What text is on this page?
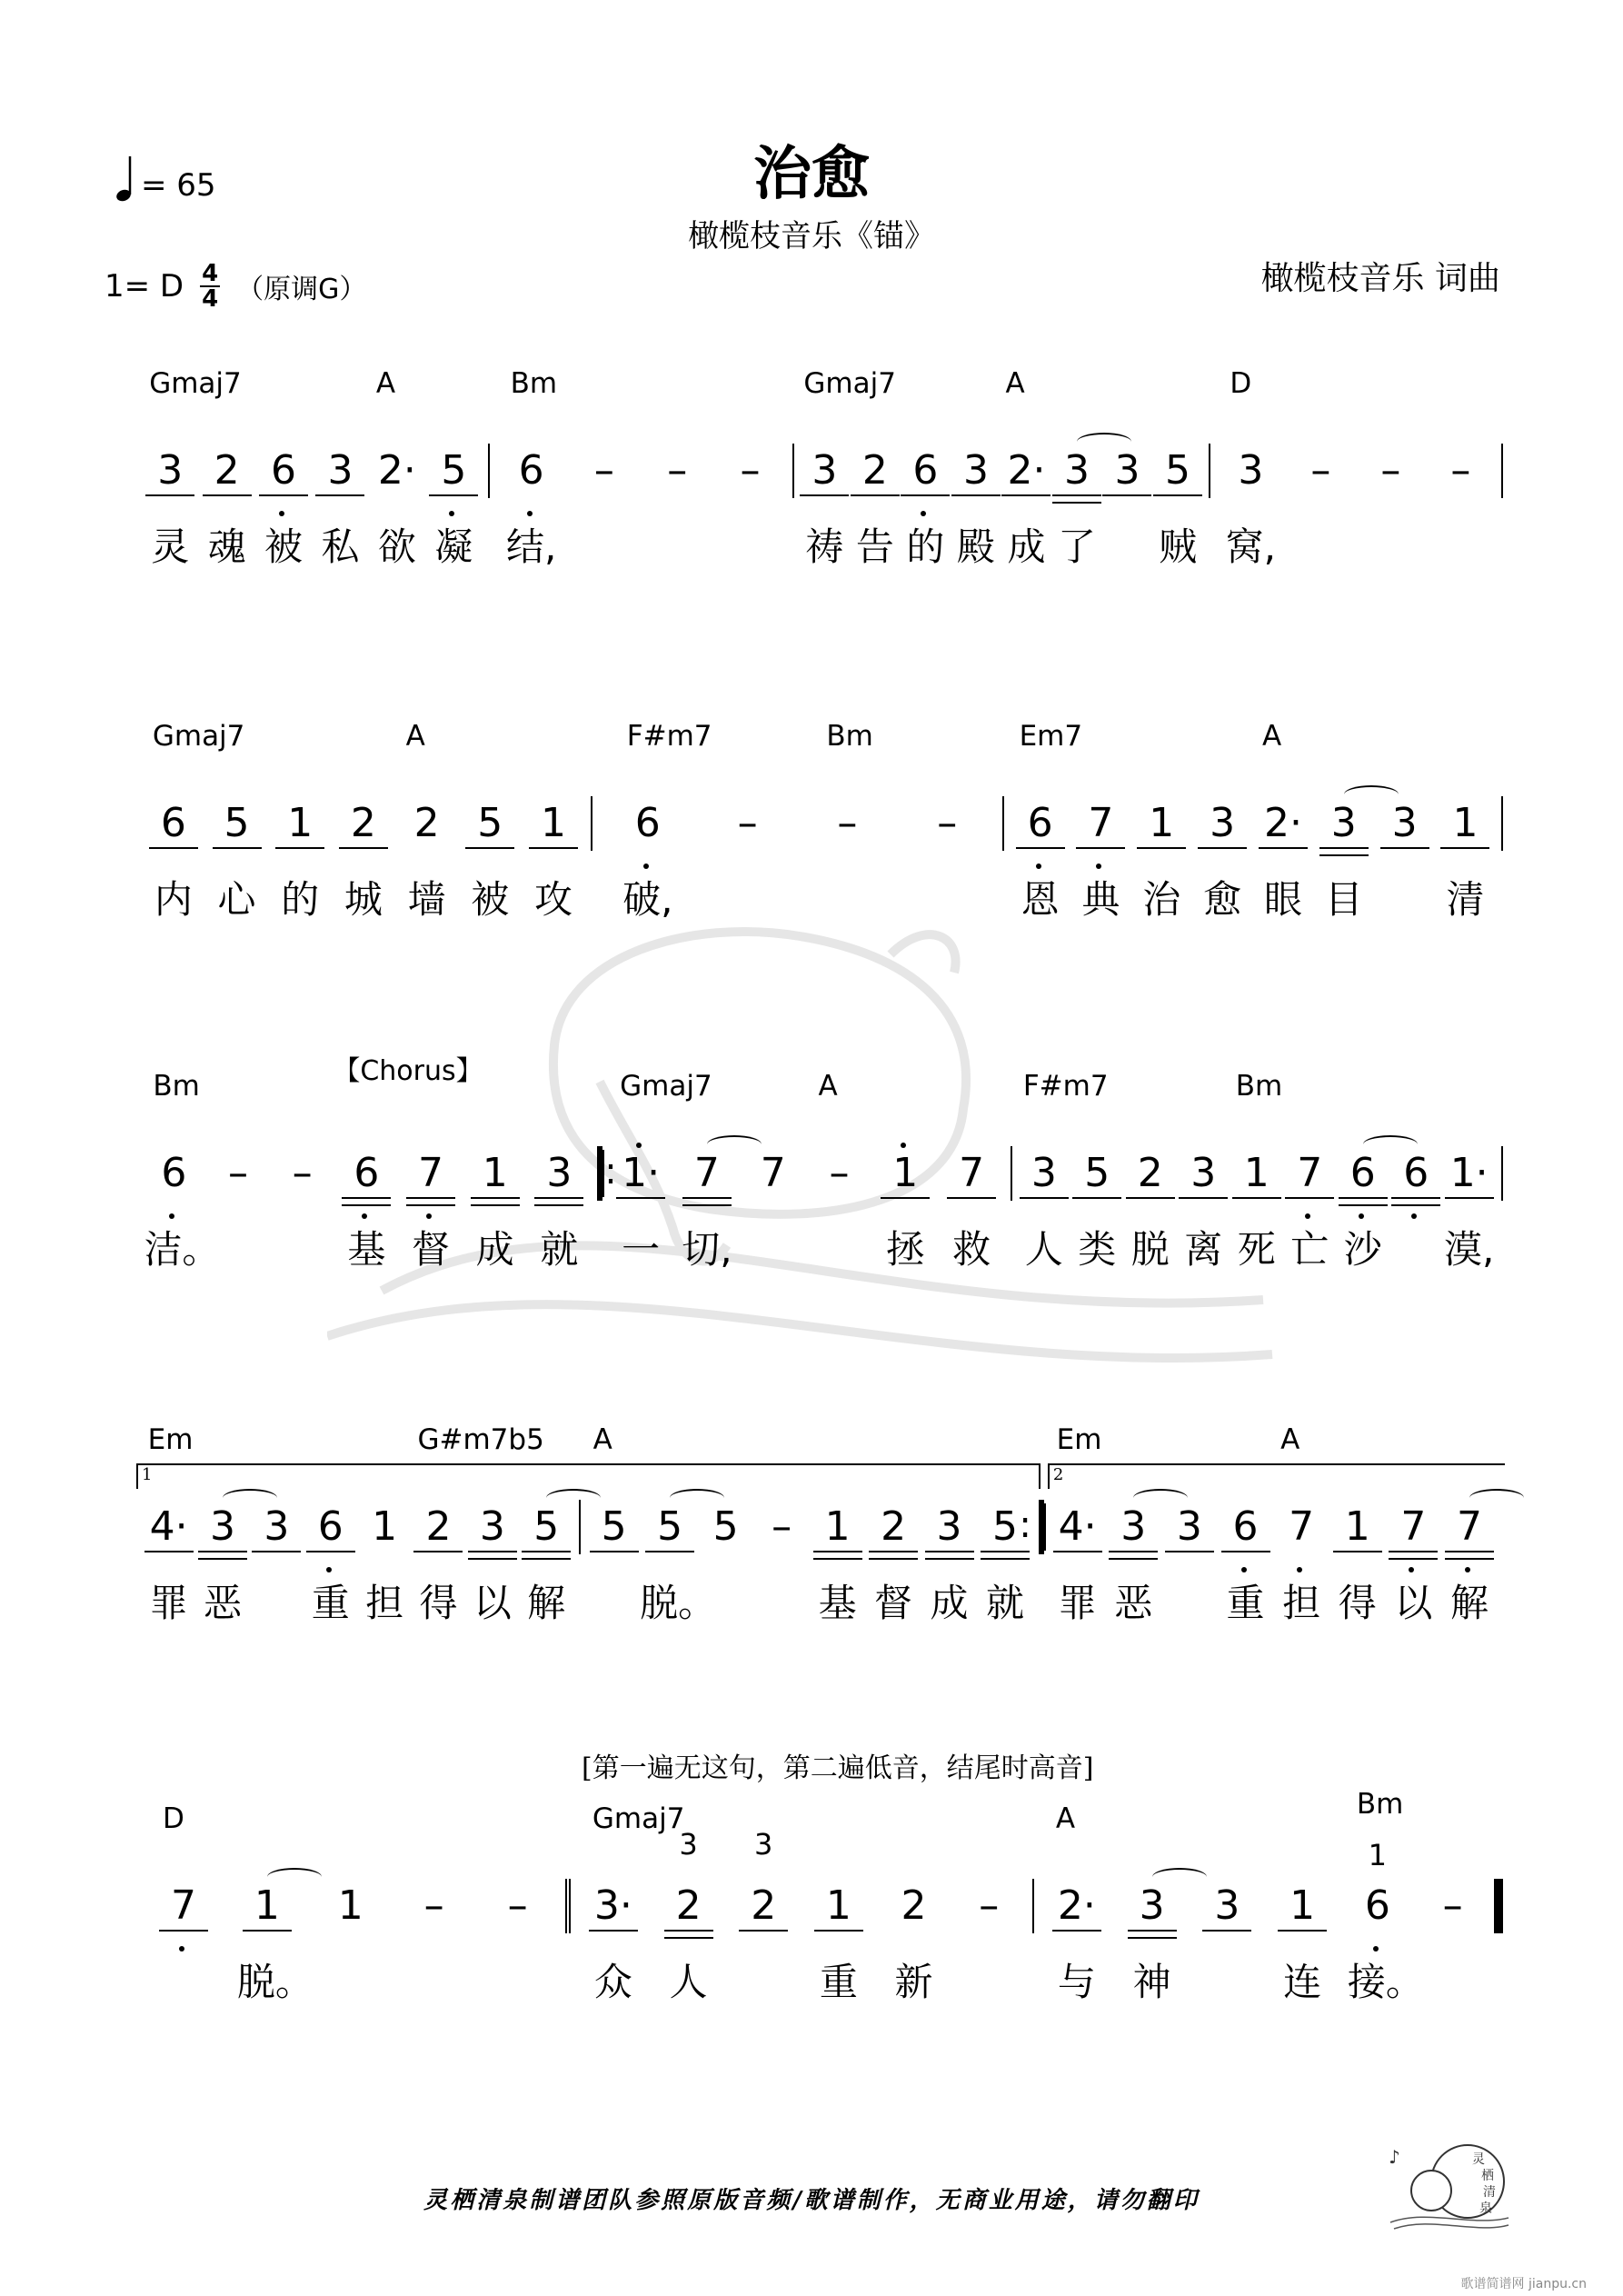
治愈
橄榄枝音乐《锚》
= 65
1= D 4
4 （原调G）	橄榄枝音乐 词曲
[第一遍无这句，第二遍低音，结尾时高音]
3
Gmaj7
灵
2
魂
6
被
3
私
2·
A
欲
5
凝
6
Bm
结,
– – – 3
Gmaj7
祷
2
告
6
的
3
殿
2·
A
成
3
了
3 5
贼
3
D
窝,
– – –
6
Gmaj7
内
5
心
1
的
2
城
2
A
墙
5
被
1
攻
6
F#m7
破,
– –
Bm
– 6
Em7
恩
7
典
1
治
3
愈
2·
A
眼
3
目
3 1
清
6
Bm
洁。
– – 6
【Chorus】
基
7
督
1
成
3
就
:
1·
Gmaj7
一
7
切,
7 –
A
1
拯
7
救
3
F#m7
人
5
类
2
脱
3
离
1
Bm
死
7
亡
6
沙
6 1·
漠,
4·
Em
罪
3
恶
3 6
重
1
担
2
G#m7b5
得
3
以
5
解
5
A
5
脱。
5 – 1
基
2
督
3
成
5
就
:
4·
Em
罪
3
恶
3 6
重
7
A
担
1
得
7
以
7
解
1	2
7
D
1
脱。
1 – – 3·
Gmaj7
众
2
3
人
2
3
1
重
2
新
– 2·
A
与
3
神
3 1
连
6
Bm
1
接。
–
灵栖清泉制谱团队参照原版音频/歌谱制作，无商业用途，请勿翻印
灵
栖
清
泉
♪
歌谱简谱网 jianpu.cn
